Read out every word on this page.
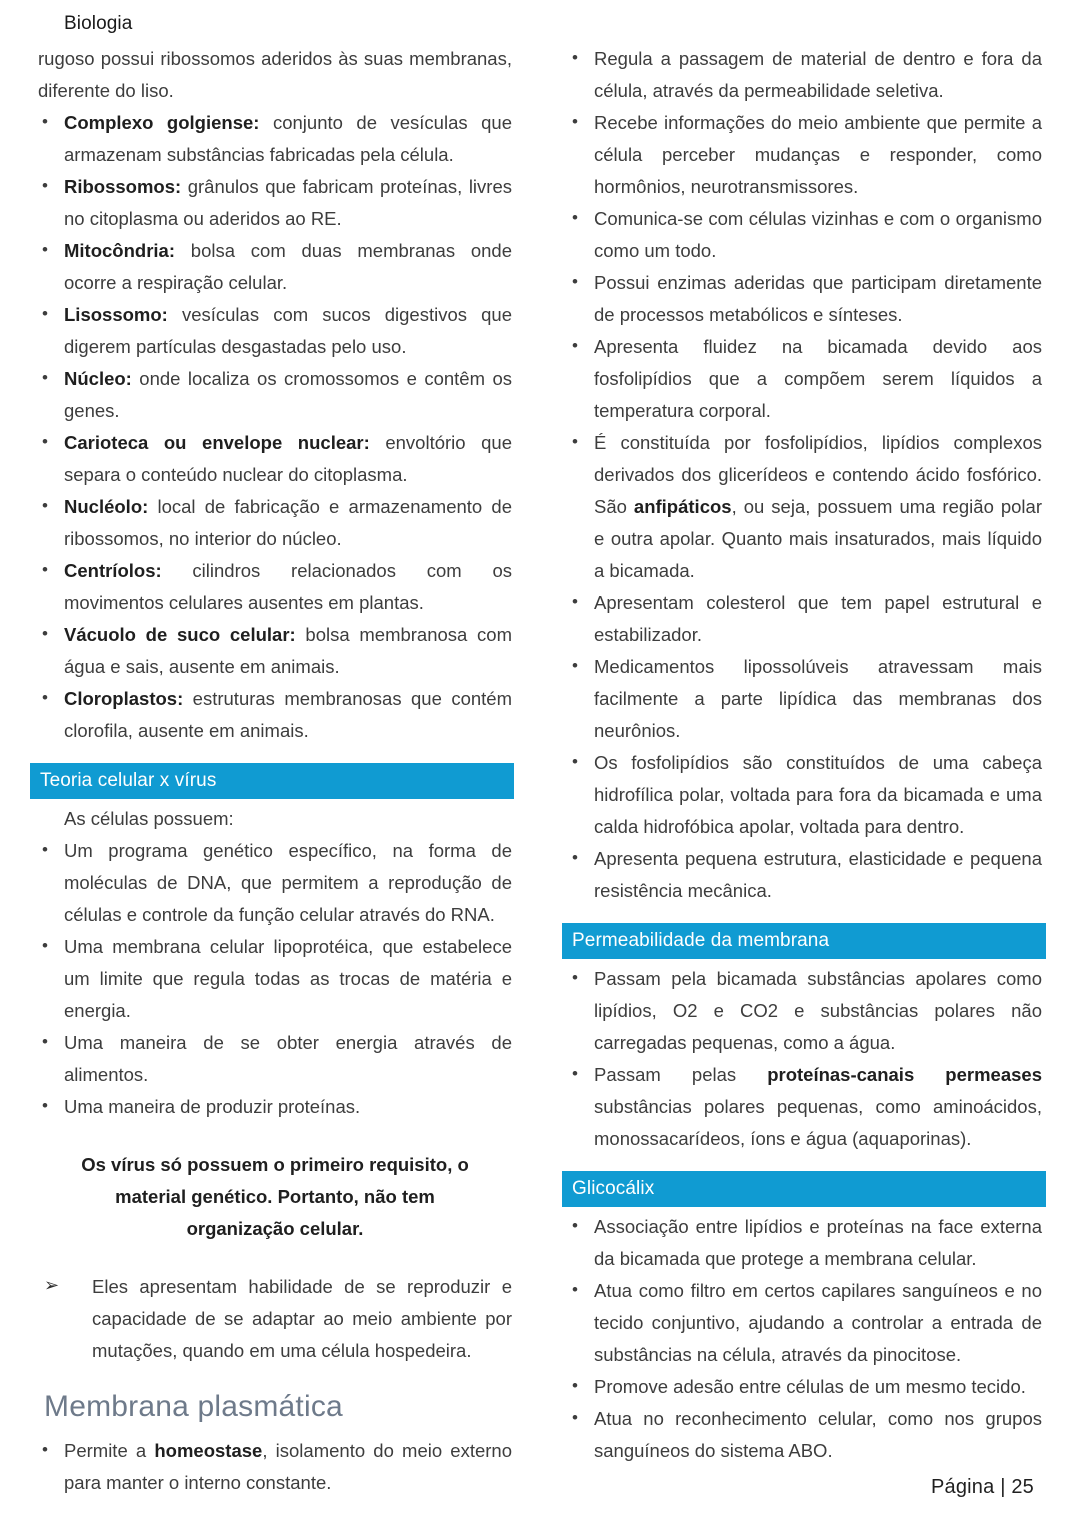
Biologia

rugoso possui ribossomos aderidos às suas membranas, diferente do liso.

• Complexo golgiense: conjunto de vesículas que armazenam substâncias fabricadas pela célula.

• Ribossomos: grânulos que fabricam proteínas, livres no citoplasma ou aderidos ao RE.

• Mitocôndria: bolsa com duas membranas onde ocorre a respiração celular.

• Lisossomo: vesículas com sucos digestivos que digerem partículas desgastadas pelo uso.

• Núcleo: onde localiza os cromossomos e contêm os genes.

• Carioteca ou envelope nuclear: envoltório que separa o conteúdo nuclear do citoplasma.

• Nucléolo: local de fabricação e armazenamento de ribossomos, no interior do núcleo.

• Centríolos: cilindros relacionados com os movimentos celulares ausentes em plantas.

• Vácuolo de suco celular: bolsa membranosa com água e sais, ausente em animais.

• Cloroplastos: estruturas membranosas que contém clorofila, ausente em animais.

Teoria celular x vírus

As células possuem:

• Um programa genético específico, na forma de moléculas de DNA, que permitem a reprodução de células e controle da função celular através do RNA.

• Uma membrana celular lipoprotéica, que estabelece um limite que regula todas as trocas de matéria e energia.

• Uma maneira de se obter energia através de alimentos.

• Uma maneira de produzir proteínas.

Os vírus só possuem o primeiro requisito, o material genético. Portanto, não tem organização celular.

➢ Eles apresentam habilidade de se reproduzir e capacidade de se adaptar ao meio ambiente por mutações, quando em uma célula hospedeira.

Membrana plasmática

• Permite a homeostase, isolamento do meio externo para manter o interno constante.

• Regula a passagem de material de dentro e fora da célula, através da permeabilidade seletiva.

• Recebe informações do meio ambiente que permite a célula perceber mudanças e responder, como hormônios, neurotransmissores.

• Comunica-se com células vizinhas e com o organismo como um todo.

• Possui enzimas aderidas que participam diretamente de processos metabólicos e sínteses.

• Apresenta fluidez na bicamada devido aos fosfolipídios que a compõem serem líquidos a temperatura corporal.

• É constituída por fosfolipídios, lipídios complexos derivados dos glicerídeos e contendo ácido fosfórico. São anfipáticos, ou seja, possuem uma região polar e outra apolar. Quanto mais insaturados, mais líquido a bicamada.

• Apresentam colesterol que tem papel estrutural e estabilizador.

• Medicamentos lipossolúveis atravessam mais facilmente a parte lipídica das membranas dos neurônios.

• Os fosfolipídios são constituídos de uma cabeça hidrofílica polar, voltada para fora da bicamada e uma calda hidrofóbica apolar, voltada para dentro.

• Apresenta pequena estrutura, elasticidade e pequena resistência mecânica.

Permeabilidade da membrana

• Passam pela bicamada substâncias apolares como lipídios, O2 e CO2 e substâncias polares não carregadas pequenas, como a água.

• Passam pelas proteínas-canais permeases substâncias polares pequenas, como aminoácidos, monossacarídeos, íons e água (aquaporinas).

Glicocálix

• Associação entre lipídios e proteínas na face externa da bicamada que protege a membrana celular.

• Atua como filtro em certos capilares sanguíneos e no tecido conjuntivo, ajudando a controlar a entrada de substâncias na célula, através da pinocitose.

• Promove adesão entre células de um mesmo tecido.

• Atua no reconhecimento celular, como nos grupos sanguíneos do sistema ABO.

Página | 25
